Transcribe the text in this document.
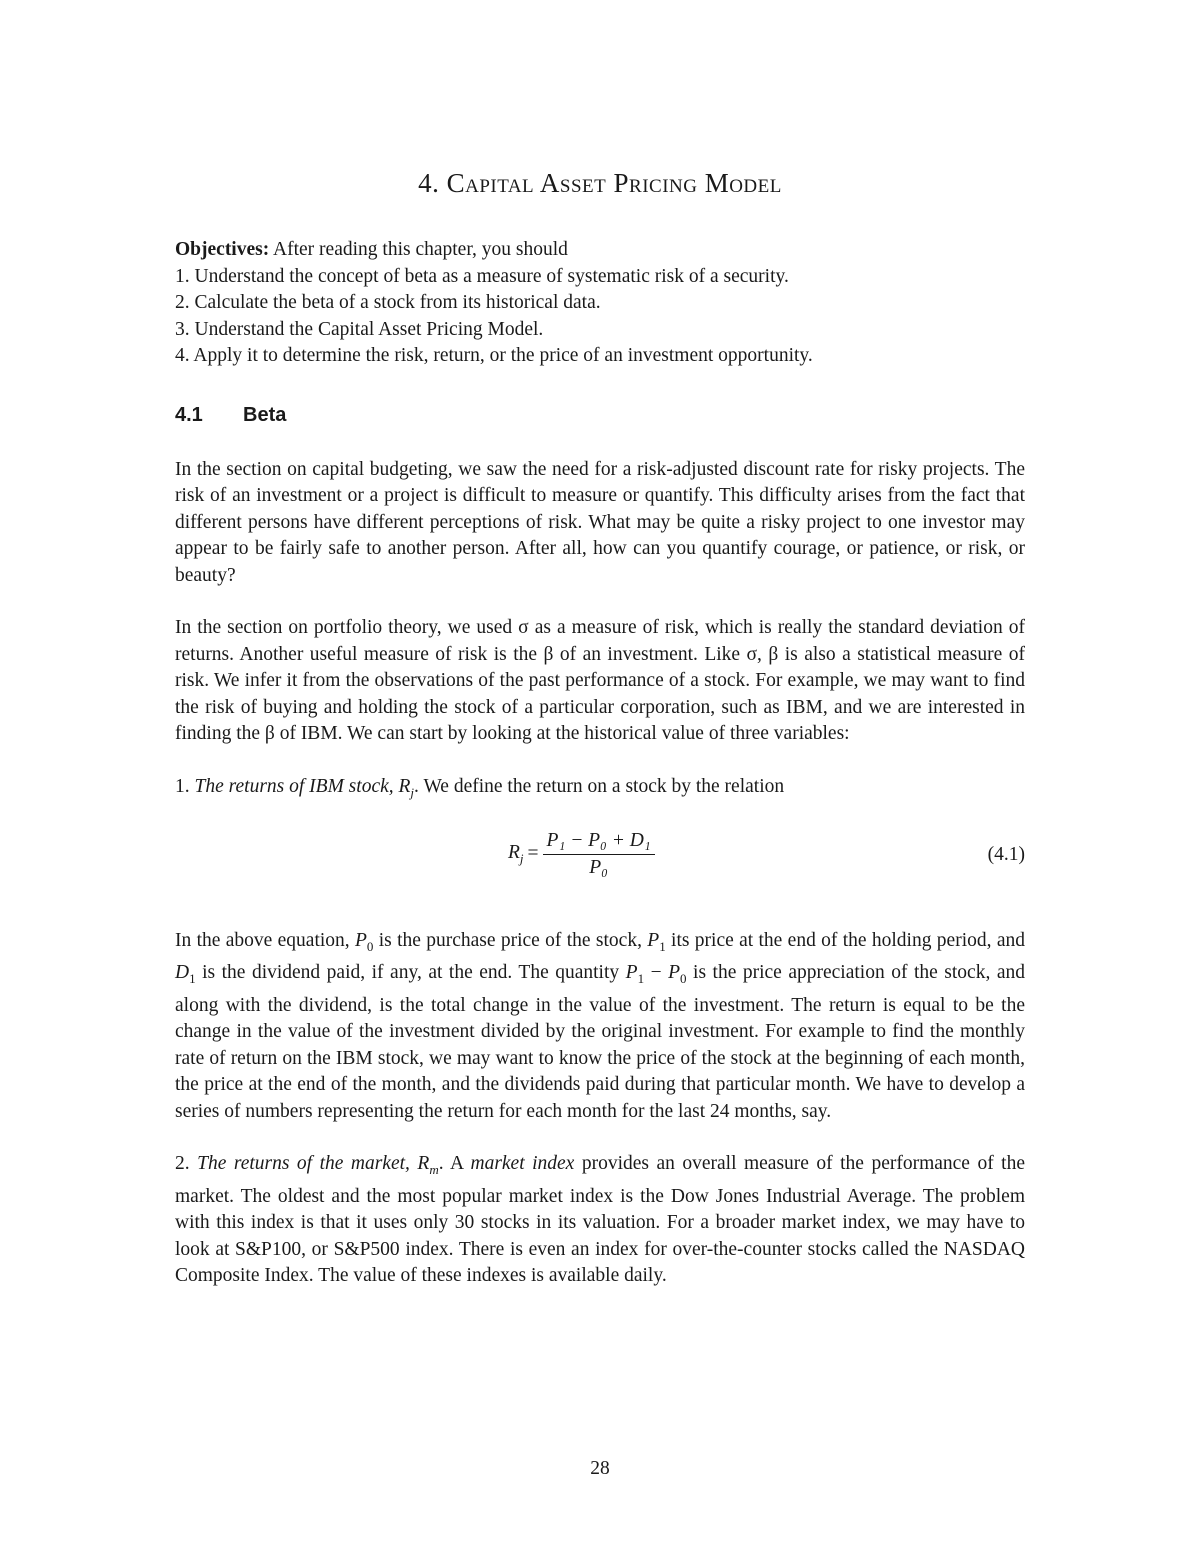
4. Capital Asset Pricing Model
Objectives: After reading this chapter, you should
1. Understand the concept of beta as a measure of systematic risk of a security.
2. Calculate the beta of a stock from its historical data.
3. Understand the Capital Asset Pricing Model.
4. Apply it to determine the risk, return, or the price of an investment opportunity.
4.1	Beta

In the section on capital budgeting, we saw the need for a risk-adjusted discount rate for risky projects. The risk of an investment or a project is difficult to measure or quantify. This difficulty arises from the fact that different persons have different perceptions of risk. What may be quite a risky project to one investor may appear to be fairly safe to another person. After all, how can you quantify courage, or patience, or risk, or beauty?

In the section on portfolio theory, we used σ as a measure of risk, which is really the standard deviation of returns. Another useful measure of risk is the β of an investment. Like σ, β is also a statistical measure of risk. We infer it from the observations of the past performance of a stock. For example, we may want to find the risk of buying and holding the stock of a particular corporation, such as IBM, and we are interested in finding the β of IBM. We can start by looking at the historical value of three variables:

1. The returns of IBM stock, $R_j$. We define the return on a stock by the relation

$R_j = \frac{\text{P₁ − P₀ + D₁}}{\text{P₀}}$	(4.1)

In the above equation, $P_0$ is the purchase price of the stock, $P_1$ its price at the end of the holding period, and $D_1$ is the dividend paid, if any, at the end. The quantity $P_1 - P_0$ is the price appreciation of the stock, and along with the dividend, is the total change in the value of the investment. The return is equal to be the change in the value of the investment divided by the original investment. For example to find the monthly rate of return on the IBM stock, we may want to know the price of the stock at the beginning of each month, the price at the end of the month, and the dividends paid during that particular month. We have to develop a series of numbers representing the return for each month for the last 24 months, say.

2. The returns of the market, $R_m$. A market index provides an overall measure of the performance of the market. The oldest and the most popular market index is the Dow Jones Industrial Average. The problem with this index is that it uses only 30 stocks in its valuation. For a broader market index, we may have to look at S&P100, or S&P500 index. There is even an index for over-the-counter stocks called the NASDAQ Composite Index. The value of these indexes is available daily.

28
